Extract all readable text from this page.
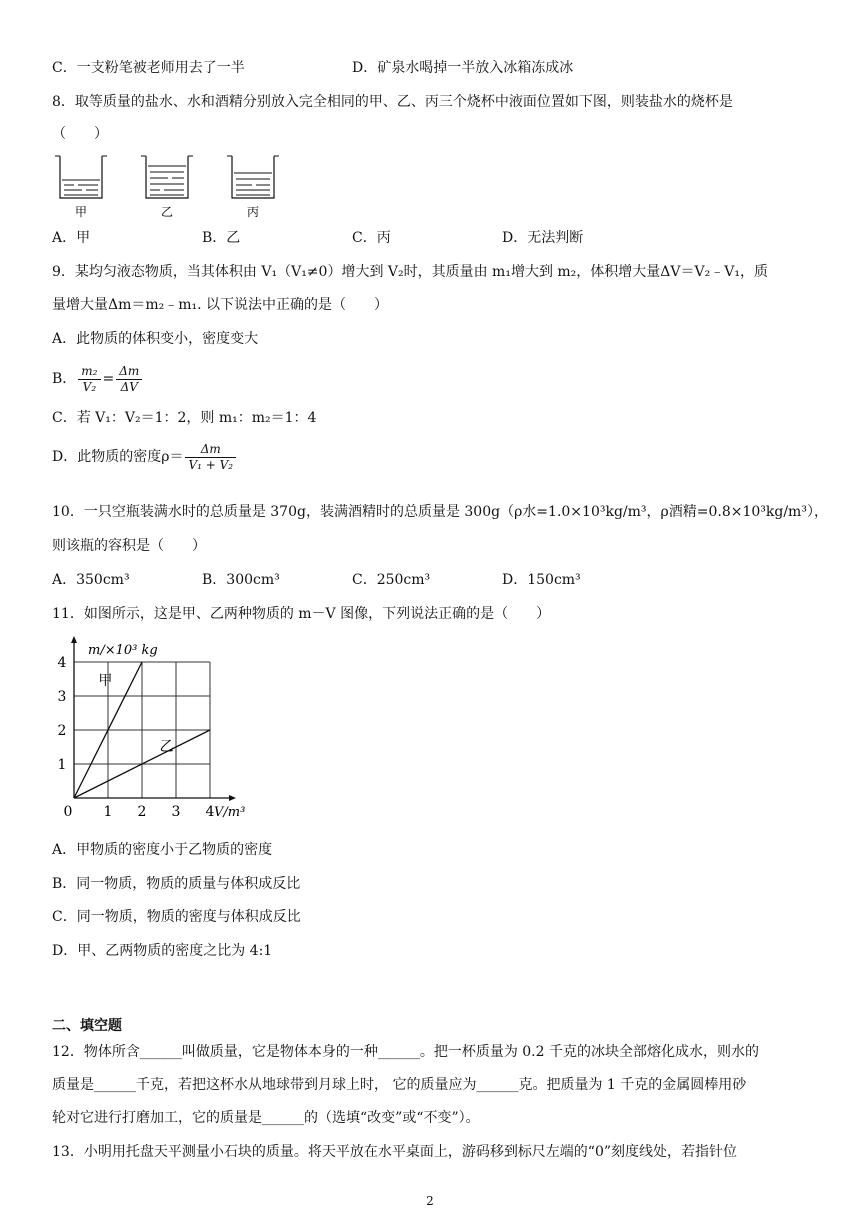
C．一支粉笔被老师用去了一半	D．矿泉水喝掉一半放入冰箱冻成冰
8．取等质量的盐水、水和酒精分别放入完全相同的甲、乙、丙三个烧杯中液面位置如下图，则装盐水的烧杯是
（　　）
甲	乙	丙
A．甲	B．乙	C．丙	D．无法判断
9．某均匀液态物质，当其体积由 V₁（V₁≠0）增大到 V₂时，其质量由 m₁增大到 m₂，体积增大量ΔV＝V₂﹣V₁，质
量增大量Δm＝m₂﹣m₁. 以下说法中正确的是（　　）
A．此物质的体积变小，密度变大
B． $\frac{\text{m₂}}{\text{V₂}} = \frac{\Delta m}{\Delta V}$
C．若 V₁：V₂＝1：2，则 m₁：m₂＝1：4
D．此物质的密度$\rho= \frac{\Delta m}{\text{V₁ + V₂}}$
10．一只空瓶装满水时的总质量是 370g，装满酒精时的总质量是 300g（ρ水=1.0×10³kg/m³，ρ酒精=0.8×10³kg/m³），
则该瓶的容积是（　　）
A．350cm³	B．300cm³	C．250cm³	D．150cm³
11．如图所示，这是甲、乙两种物质的 m－V 图像，下列说法正确的是（　　）
0 1 2 3 4
1
2
3
4
m/×10³ kg
V/m³
甲
乙
A．甲物质的密度小于乙物质的密度
B．同一物质，物质的质量与体积成反比
C．同一物质，物质的密度与体积成反比
D．甲、乙两物质的密度之比为 4:1
二、填空题
12．物体所含______叫做质量，它是物体本身的一种______。把一杯质量为 0.2 千克的冰块全部熔化成水，则水的
质量是______千克，若把这杯水从地球带到月球上时， 它的质量应为______克。把质量为 1 千克的金属圆棒用砂
轮对它进行打磨加工，它的质量是______的（选填“改变”或“不变”）。
13．小明用托盘天平测量小石块的质量。将天平放在水平桌面上，游码移到标尺左端的“0”刻度线处，若指针位
2
